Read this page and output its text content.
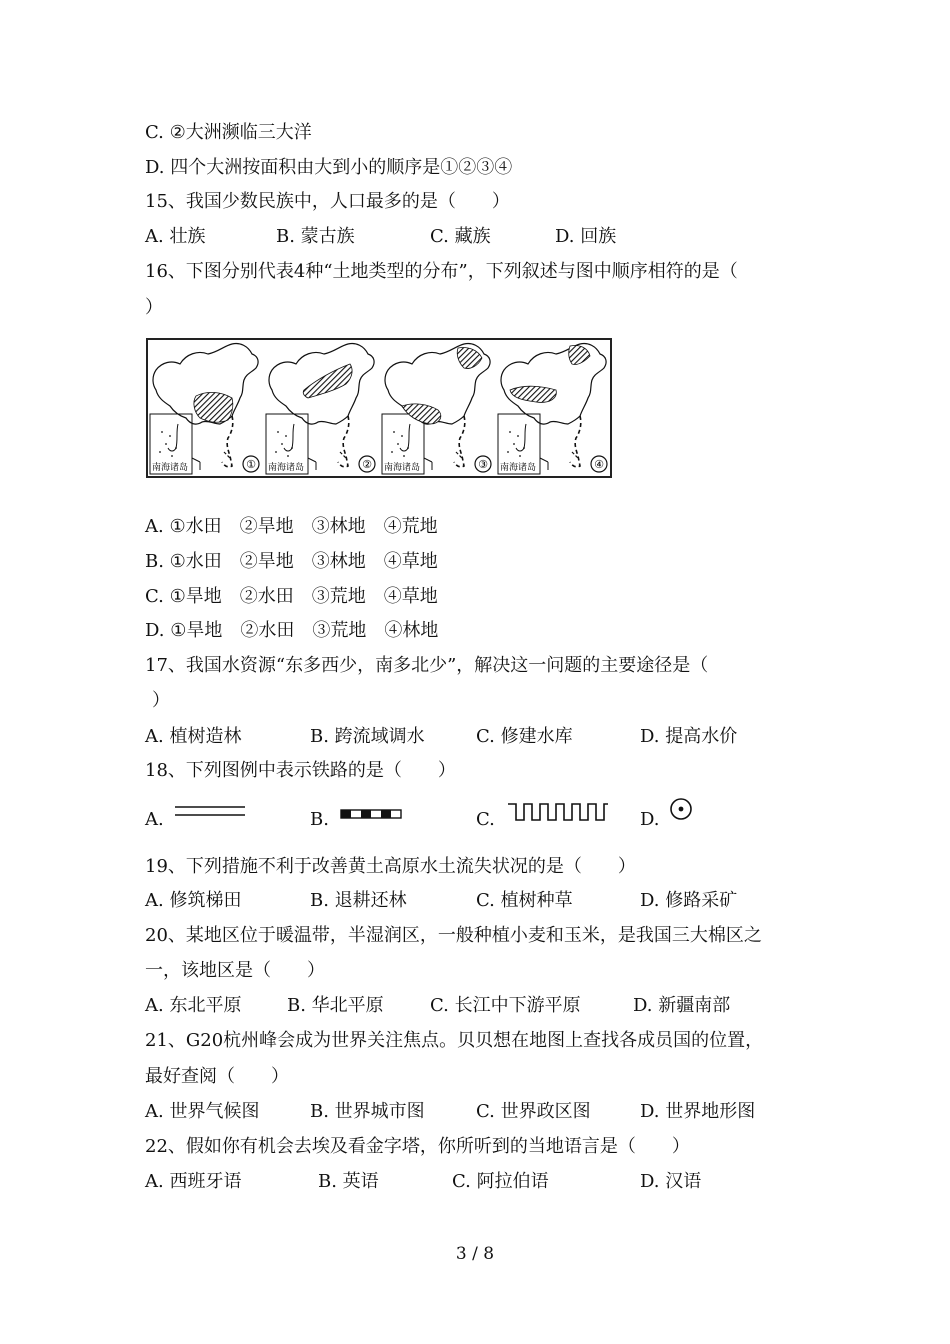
C. ②大洲濒临三大洋
D. 四个大洲按面积由大到小的顺序是①②③④
15、我国少数民族中，人口最多的是（　　）
A. 壮族	B. 蒙古族	C. 藏族	D. 回族
16、下图分别代表4种“土地类型的分布”，下列叙述与图中顺序相符的是（
）
南海诸岛	① 南海诸岛	② 南海诸岛	③ 南海诸岛	④
A. ①水田　②旱地　③林地　④荒地
B. ①水田　②旱地　③林地　④草地
C. ①旱地　②水田　③荒地　④草地
D. ①旱地　②水田　③荒地　④林地
17、我国水资源“东多西少，南多北少”，解决这一问题的主要途径是（
）
A. 植树造林	B. 跨流域调水	C. 修建水库	D. 提高水价
18、下列图例中表示铁路的是（　　）
A.	B.	C.	D.
19、下列措施不利于改善黄土高原水土流失状况的是（　　）
A. 修筑梯田	B. 退耕还林	C. 植树种草	D. 修路采矿
20、某地区位于暖温带，半湿润区，一般种植小麦和玉米，是我国三大棉区之
一，该地区是（　　）
A. 东北平原	B. 华北平原	C. 长江中下游平原	D. 新疆南部
21、G20杭州峰会成为世界关注焦点。贝贝想在地图上查找各成员国的位置，
最好查阅（　　）
A. 世界气候图	B. 世界城市图	C. 世界政区图	D. 世界地形图
22、假如你有机会去埃及看金字塔，你所听到的当地语言是（　　）
A. 西班牙语	B. 英语	C. 阿拉伯语	D. 汉语
3 / 8
